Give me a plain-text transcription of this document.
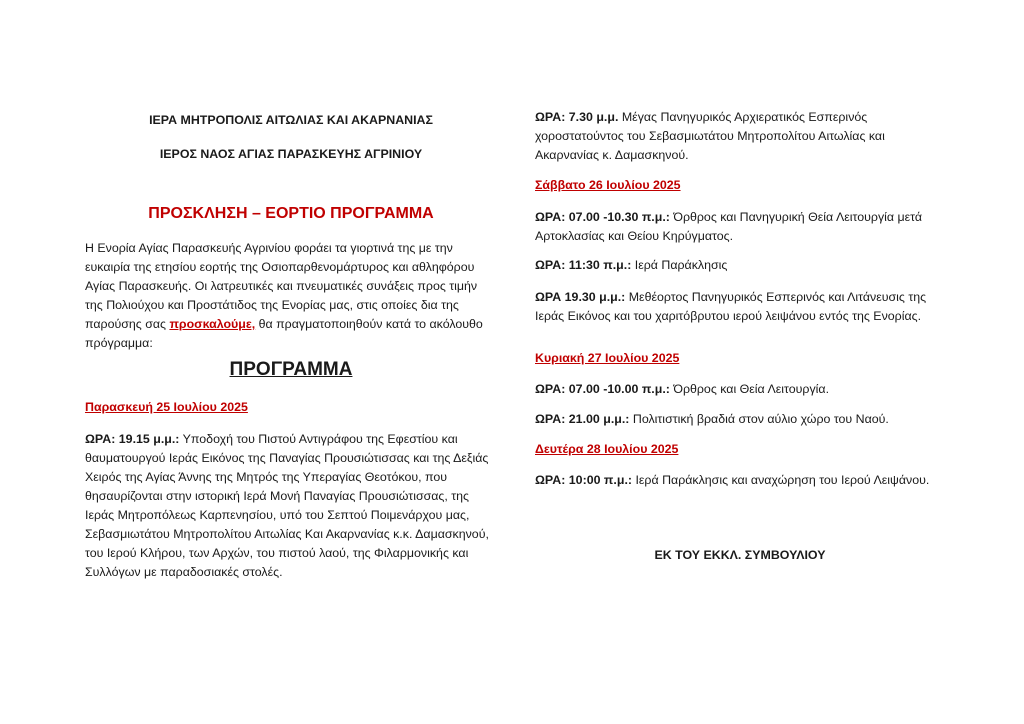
ΙΕΡΑ ΜΗΤΡΟΠΟΛΙΣ ΑΙΤΩΛΙΑΣ ΚΑΙ ΑΚΑΡΝΑΝΙΑΣ
ΙΕΡΟΣ ΝΑΟΣ ΑΓΙΑΣ ΠΑΡΑΣΚΕΥΗΣ ΑΓΡΙΝΙΟΥ
ΠΡΟΣΚΛΗΣΗ – ΕΟΡΤΙΟ ΠΡΟΓΡΑΜΜΑ
Η Ενορία Αγίας Παρασκευής Αγρινίου φοράει τα γιορτινά της με την ευκαιρία της ετησίου εορτής της Οσιοπαρθενομάρτυρος και αθληφόρου Αγίας Παρασκευής. Οι λατρευτικές και πνευματικές συνάξεις προς τιμήν της Πολιούχου και Προστάτιδος της Ενορίας μας, στις οποίες δια της παρούσης σας προσκαλούμε, θα πραγματοποιηθούν κατά το ακόλουθο πρόγραμμα:
ΠΡΟΓΡΑΜΜΑ
Παρασκευή 25 Ιουλίου 2025
ΩΡΑ: 19.15 μ.μ.: Υποδοχή του Πιστού Αντιγράφου της Εφεστίου και θαυματουργού Ιεράς Εικόνος της Παναγίας Προυσιώτισσας και της Δεξιάς Χειρός της Αγίας Άννης της Μητρός της Υπεραγίας Θεοτόκου, που θησαυρίζονται στην ιστορική Ιερά Μονή Παναγίας Προυσιώτισσας, της Ιεράς Μητροπόλεως Καρπενησίου, υπό του Σεπτού Ποιμενάρχου μας, Σεβασμιωτάτου Μητροπολίτου Αιτωλίας Και Ακαρνανίας κ.κ. Δαμασκηνού, του Ιερού Κλήρου, των Αρχών, του πιστού λαού, της Φιλαρμονικής και Συλλόγων με παραδοσιακές στολές.
ΩΡΑ: 7.30 μ.μ. Μέγας Πανηγυρικός Αρχιερατικός Εσπερινός χοροστατούντος του Σεβασμιωτάτου Μητροπολίτου Αιτωλίας και Ακαρνανίας κ. Δαμασκηνού.
Σάββατο 26 Ιουλίου 2025
ΩΡΑ: 07.00 -10.30 π.μ.: Όρθρος και Πανηγυρική Θεία Λειτουργία μετά Αρτοκλασίας και Θείου Κηρύγματος.
ΩΡΑ: 11:30 π.μ.: Ιερά Παράκλησις
ΩΡΑ 19.30 μ.μ.: Μεθέορτος Πανηγυρικός Εσπερινός και Λιτάνευσις της Ιεράς Εικόνος και του χαριτόβρυτου ιερού λειψάνου εντός της Ενορίας.
Κυριακή 27 Ιουλίου 2025
ΩΡΑ: 07.00 -10.00 π.μ.: Όρθρος και Θεία Λειτουργία.
ΩΡΑ: 21.00 μ.μ.: Πολιτιστική βραδιά στον αύλιο χώρο του Ναού.
Δευτέρα 28 Ιουλίου 2025
ΩΡΑ: 10:00 π.μ.: Ιερά Παράκλησις και αναχώρηση του Ιερού Λειψάνου.
ΕΚ ΤΟΥ ΕΚΚΛ. ΣΥΜΒΟΥΛΙΟΥ
